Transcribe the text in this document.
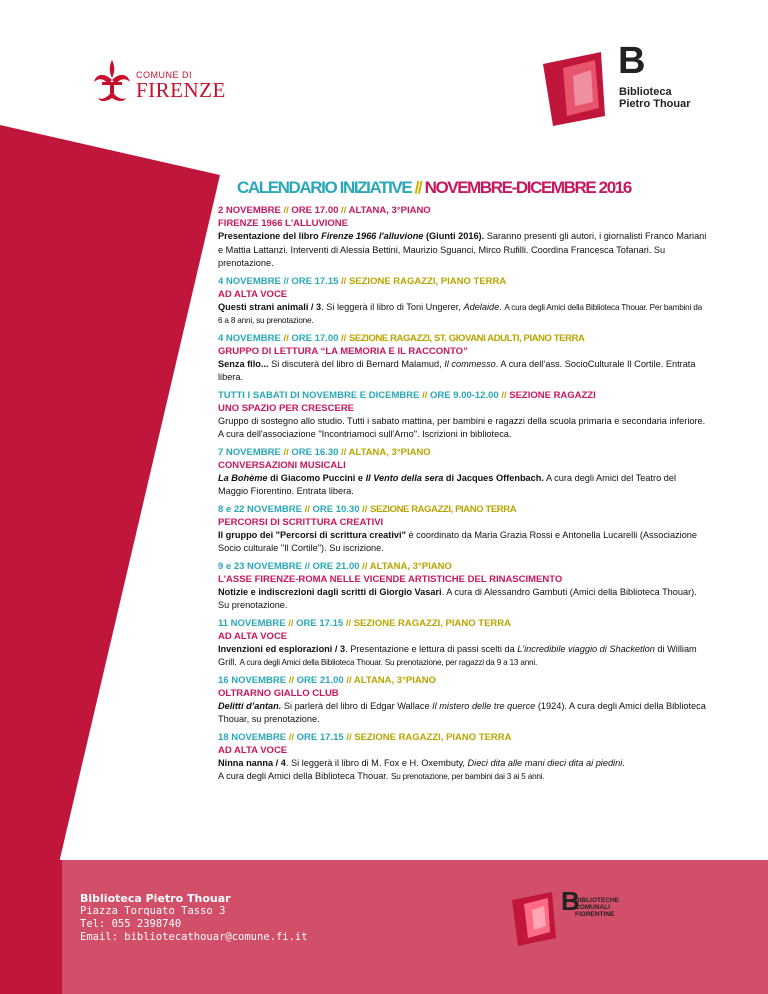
COMUNE DI
FIRENZE
B
Biblioteca
Pietro Thouar
CALENDARIO INIZIATIVE // NOVEMBRE-DICEMBRE 2016
2 NOVEMBRE // ORE 17.00 // ALTANA, 3°PIANO
FIRENZE 1966 L'ALLUVIONE
Presentazione del libro Firenze 1966 l'alluvione (Giunti 2016). Saranno presenti gli autori, i giornalisti Franco Mariani e Mattia Lattanzi. Interventi di Alessia Bettini, Maurizio Sguanci, Mirco Rufilli. Coordina Francesca Tofanari. Su prenotazione.
4 NOVEMBRE // ORE 17.15 // SEZIONE RAGAZZI, PIANO TERRA
AD ALTA VOCE
Questi strani animali / 3. Si leggerà il libro di Toni Ungerer, Adelaide. A cura degli Amici della Biblioteca Thouar. Per bambini da 6 a 8 anni, su prenotazione.
4 NOVEMBRE // ORE 17.00 // SEZIONE RAGAZZI, ST. GIOVANI ADULTI, PIANO TERRA
GRUPPO DI LETTURA “LA MEMORIA E IL RACCONTO”
Senza filo... Si discuterà del libro di Bernard Malamud, Il commesso. A cura dell’ass. SocioCulturale Il Cortile. Entrata libera.
TUTTI I SABATI DI NOVEMBRE E DICEMBRE // ORE 9.00-12.00 // SEZIONE RAGAZZI
UNO SPAZIO PER CRESCERE
Gruppo di sostegno allo studio. Tutti i sabato mattina, per bambini e ragazzi della scuola primaria e secondaria inferiore. A cura dell'associazione "Incontriamoci sull'Arno". Iscrizioni in biblioteca.
7 NOVEMBRE // ORE 16.30 // ALTANA, 3°PIANO
CONVERSAZIONI MUSICALI
La Bohème di Giacomo Puccini e Il Vento della sera di Jacques Offenbach. A cura degli Amici del Teatro del Maggio Fiorentino. Entrata libera.
8 e 22 NOVEMBRE // ORE 10.30 // SEZIONE RAGAZZI, PIANO TERRA
PERCORSI DI SCRITTURA CREATIVI
Il gruppo dei "Percorsi di scrittura creativi" è coordinato da Maria Grazia Rossi e Antonella Lucarelli (Associazione Socio culturale "Il Cortile"). Su iscrizione.
9 e 23 NOVEMBRE // ORE 21.00 // ALTANA, 3°PIANO
L'ASSE FIRENZE-ROMA NELLE VICENDE ARTISTICHE DEL RINASCIMENTO
Notizie e indiscrezioni dagli scritti di Giorgio Vasari. A cura di Alessandro Gambuti (Amici della Biblioteca Thouar). Su prenotazione.
11 NOVEMBRE // ORE 17.15 // SEZIONE RAGAZZI, PIANO TERRA
AD ALTA VOCE
Invenzioni ed esplorazioni / 3. Presentazione e lettura di passi scelti da L'incredibile viaggio di Shacketlon di William Grill. A cura degli Amici della Biblioteca Thouar. Su prenotazione, per ragazzi da 9 a 13 anni.
16 NOVEMBRE // ORE 21.00 // ALTANA, 3°PIANO
OLTRARNO GIALLO CLUB
Delitti d’antan. Si parlerà del libro di Edgar Wallace Il mistero delle tre querce (1924). A cura degli Amici della Biblioteca Thouar, su prenotazione.
18 NOVEMBRE // ORE 17.15 // SEZIONE RAGAZZI, PIANO TERRA
AD ALTA VOCE
Ninna nanna / 4. Si leggerà il libro di M. Fox e H. Oxembuty, Dieci dita alle mani dieci dita ai piedini.
A cura degli Amici della Biblioteca Thouar. Su prenotazione, per bambini dai 3 ai 5 anni.
Biblioteca Pietro Thouar
Piazza Torquato Tasso 3
Tel: 055 2398740
Email: bibliotecathouar@comune.fi.it
B
BIBLIOTECHE
COMUNALI
FIORENTINE
